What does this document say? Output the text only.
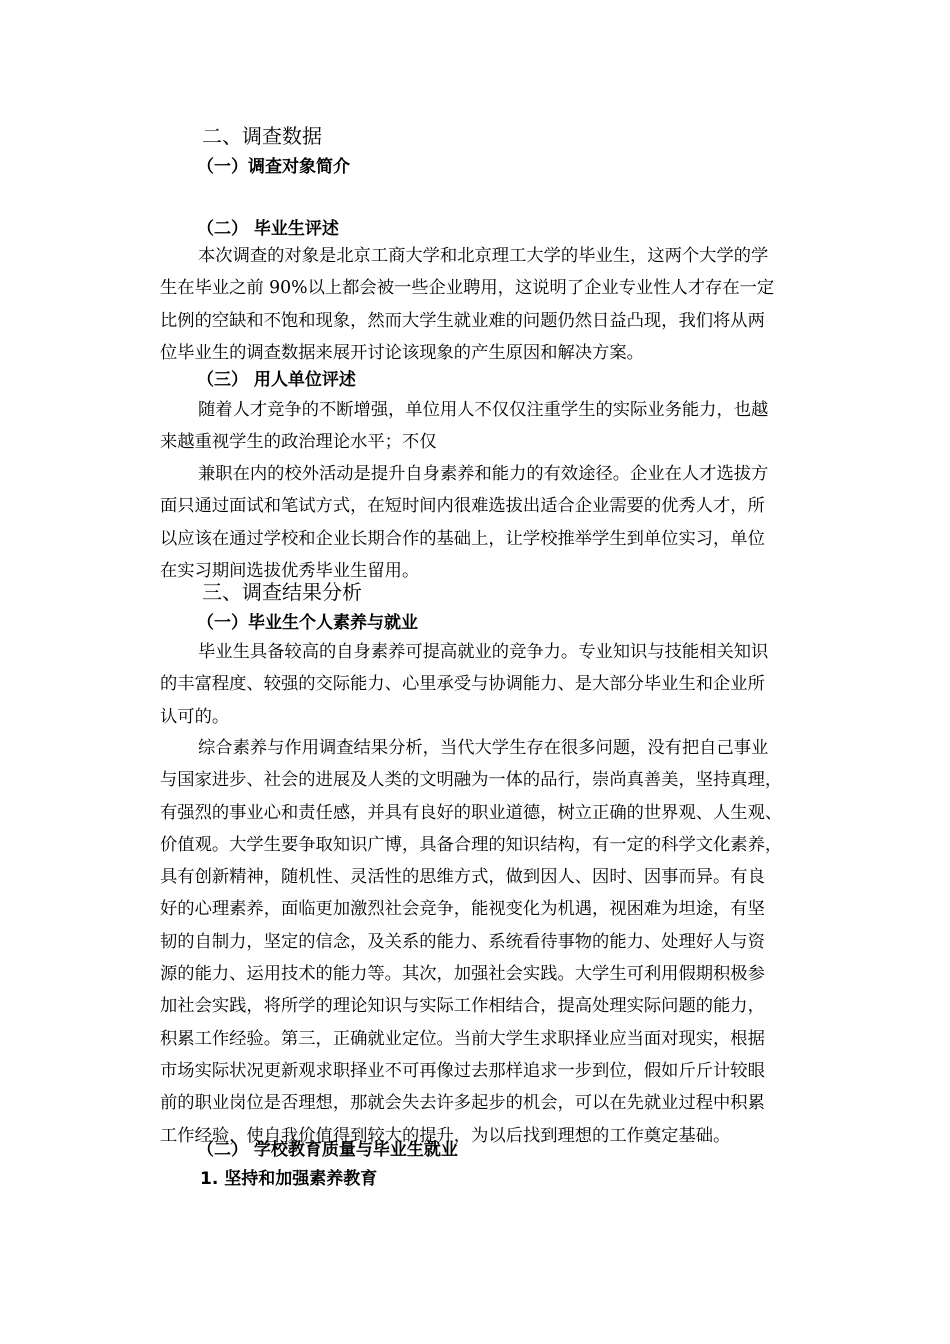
二、调查数据
（一）调查对象简介
（二） 毕业生评述
本次调查的对象是北京工商大学和北京理工大学的毕业生，这两个大学的学
生在毕业之前 90%以上都会被一些企业聘用，这说明了企业专业性人才存在一定
比例的空缺和不饱和现象，然而大学生就业难的问题仍然日益凸现，我们将从两
位毕业生的调查数据来展开讨论该现象的产生原因和解决方案。
（三） 用人单位评述
随着人才竞争的不断增强，单位用人不仅仅注重学生的实际业务能力，也越
来越重视学生的政治理论水平；不仅
兼职在内的校外活动是提升自身素养和能力的有效途径。企业在人才选拔方
面只通过面试和笔试方式，在短时间内很难选拔出适合企业需要的优秀人才，所
以应该在通过学校和企业长期合作的基础上，让学校推举学生到单位实习，单位
在实习期间选拔优秀毕业生留用。
三、调查结果分析
（一）毕业生个人素养与就业
毕业生具备较高的自身素养可提高就业的竞争力。专业知识与技能相关知识
的丰富程度、较强的交际能力、心里承受与协调能力、是大部分毕业生和企业所
认可的。
综合素养与作用调查结果分析，当代大学生存在很多问题，没有把自己事业
与国家进步、社会的进展及人类的文明融为一体的品行，崇尚真善美，坚持真理，
有强烈的事业心和责任感，并具有良好的职业道德，树立正确的世界观、人生观、
价值观。大学生要争取知识广博，具备合理的知识结构，有一定的科学文化素养，
具有创新精神，随机性、灵活性的思维方式，做到因人、因时、因事而异。有良
好的心理素养，面临更加激烈社会竞争，能视变化为机遇，视困难为坦途，有坚
韧的自制力，坚定的信念，及关系的能力、系统看待事物的能力、处理好人与资
源的能力、运用技术的能力等。其次，加强社会实践。大学生可利用假期积极参
加社会实践，将所学的理论知识与实际工作相结合，提高处理实际问题的能力，
积累工作经验。第三，正确就业定位。当前大学生求职择业应当面对现实，根据
市场实际状况更新观求职择业不可再像过去那样追求一步到位，假如斤斤计较眼
前的职业岗位是否理想，那就会失去许多起步的机会，可以在先就业过程中积累
工作经验，使自我价值得到较大的提升，为以后找到理想的工作奠定基础。
（二） 学校教育质量与毕业生就业
1. 坚持和加强素养教育
